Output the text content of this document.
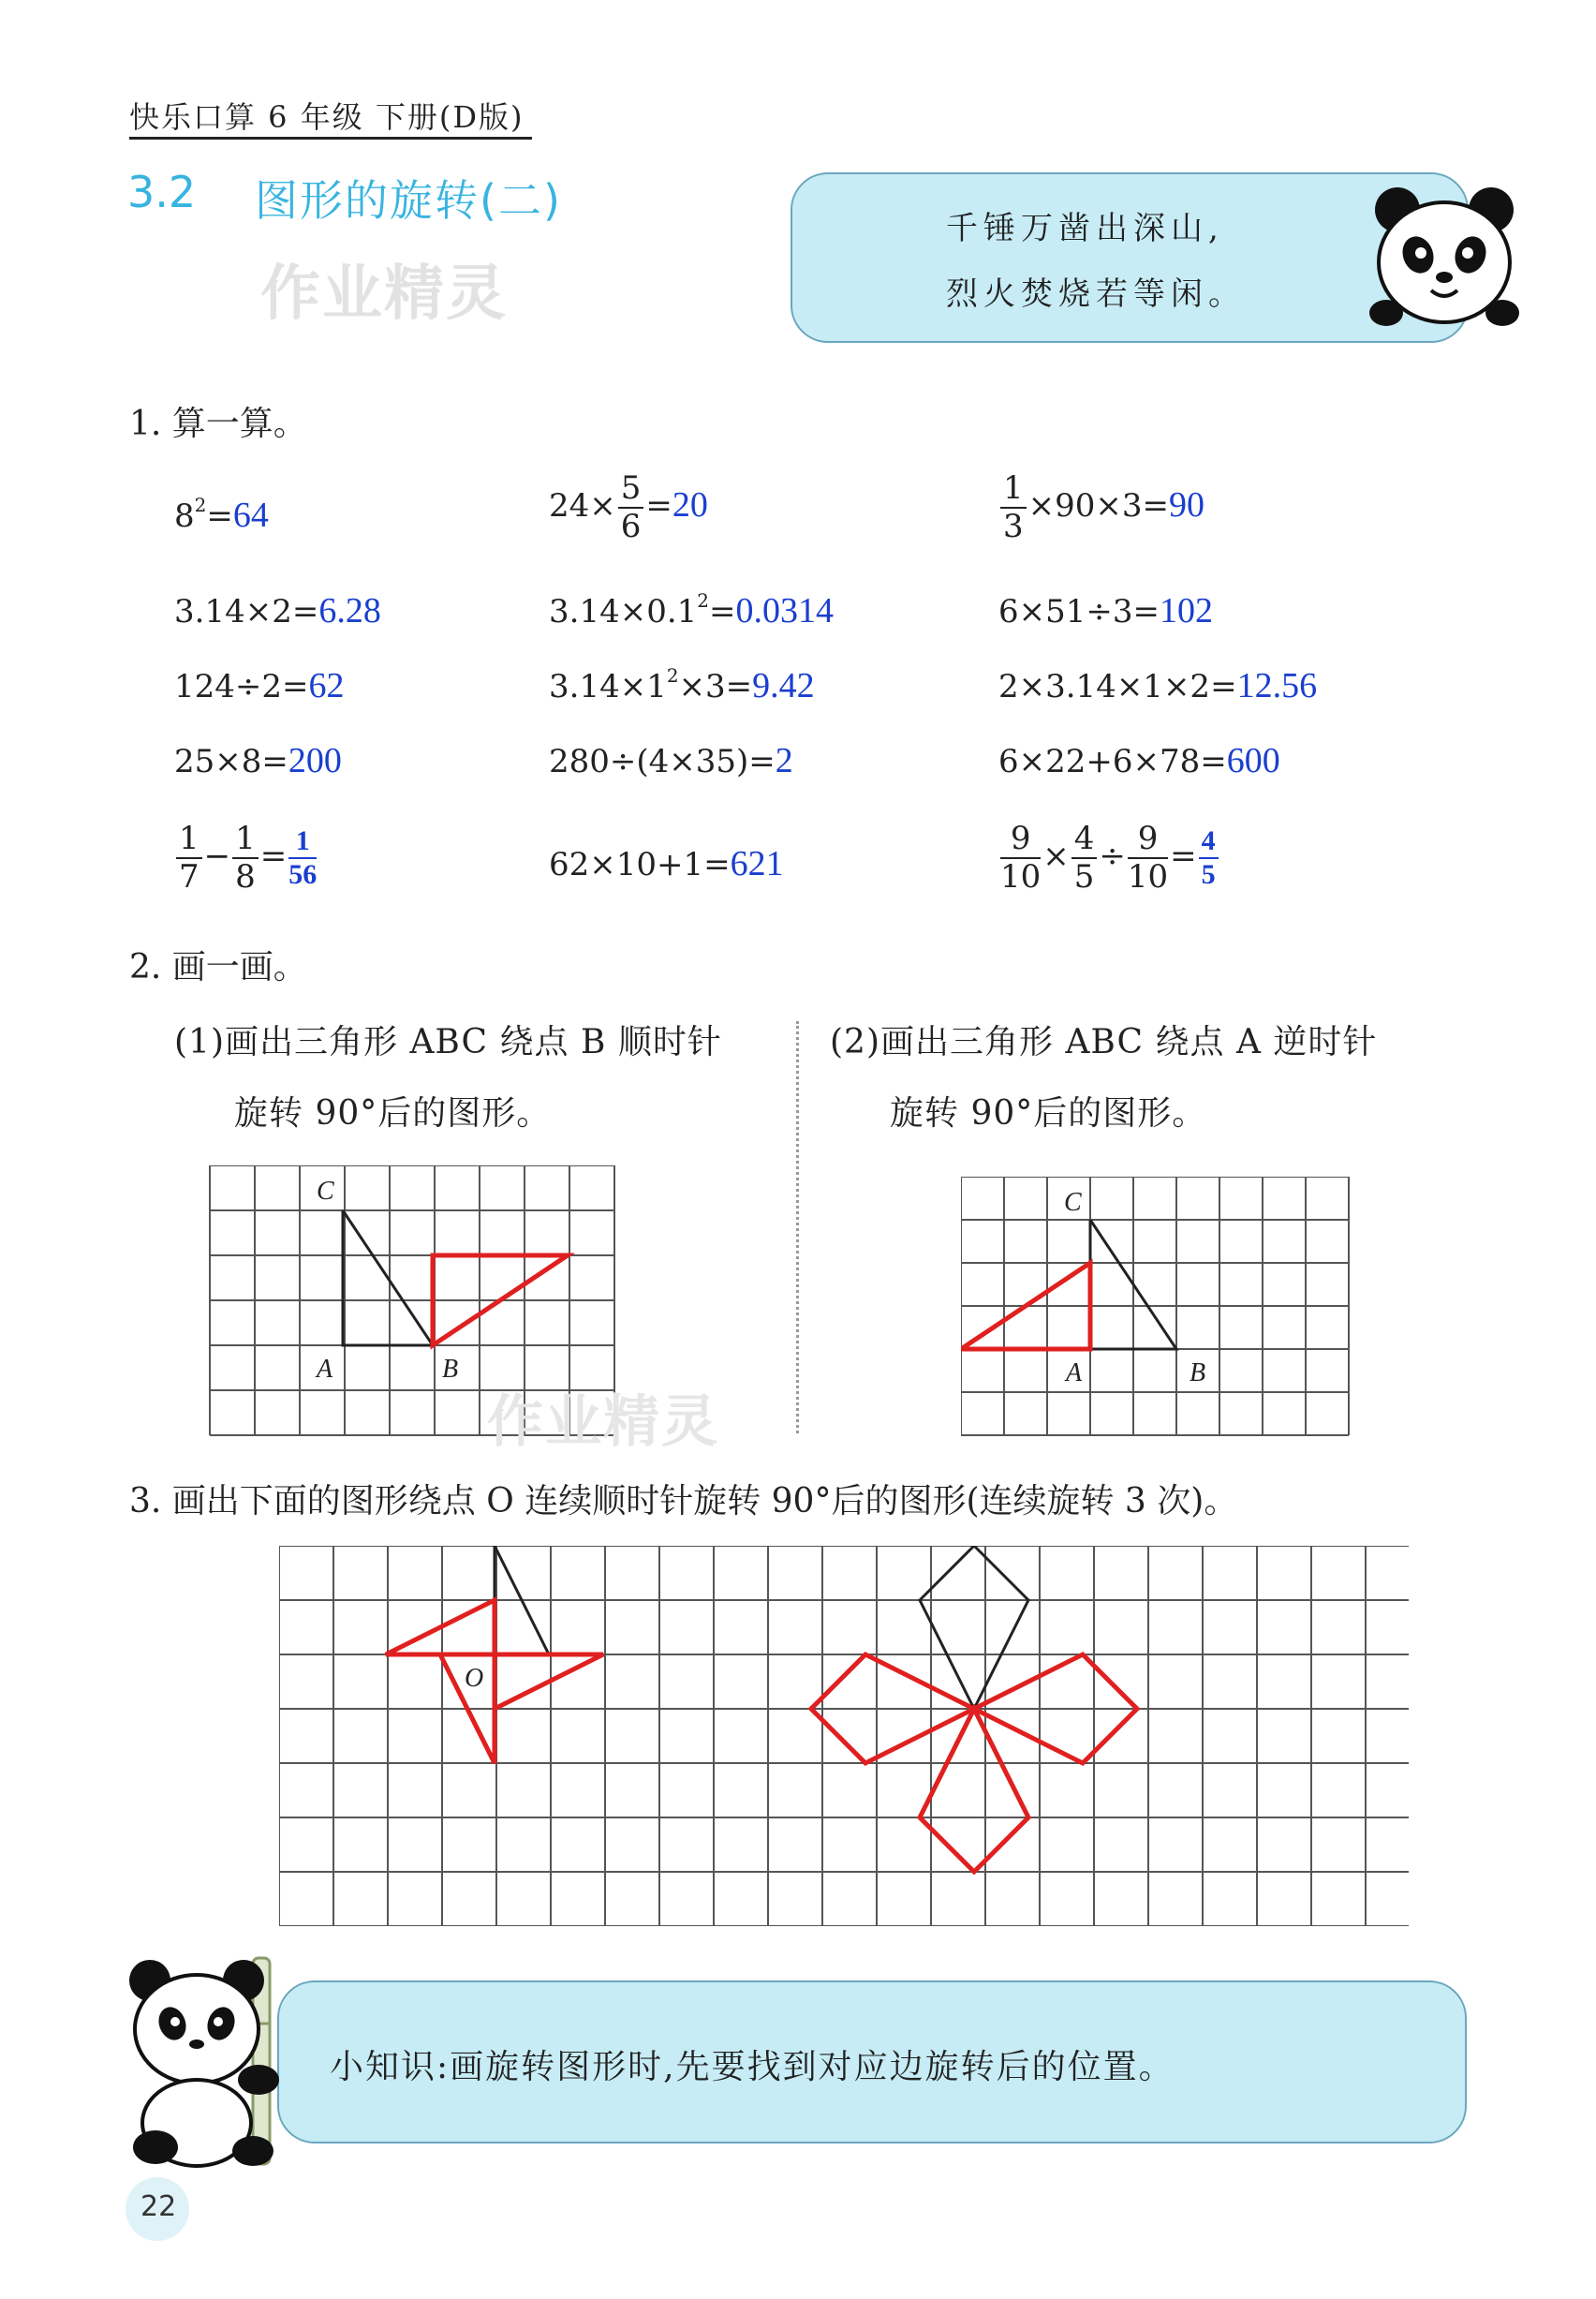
快乐口算 6 年级 下册(D版)
3.2 图形的旋转(二)
作业精灵
千锤万凿出深山,
烈火焚烧若等闲。
1. 算一算。
$8^2=64$	$24\times \frac{5}{6} =20$	$\frac{1}{3} \times 90\times 3=90$
3.14×2=6.28	$3.14\times 0.1^2=0.0314$	6×51÷3=102
124÷2=62	$3.14\times 1^2\times 3=9.42$	2×3.14×1×2=12.56
25×8=200	280÷(4×35)=2	6×22+6×78=600
$\frac{1}{7} - \frac{1}{8} = \frac{1}{56}$	62×10+1=621	$\frac{9}{10} \times \frac{4}{5} \div \frac{9}{10} = \frac{4}{5}$
2. 画一画。
(1)画出三角形 ABC 绕点 B 顺时针
旋转 90°后的图形。
(2)画出三角形 ABC 绕点 A 逆时针
旋转 90°后的图形。
C
A	B
C
A	B
作业精灵
3. 画出下面的图形绕点 O 连续顺时针旋转 90°后的图形(连续旋转 3 次)。
O
小知识:画旋转图形时,先要找到对应边旋转后的位置。
22
